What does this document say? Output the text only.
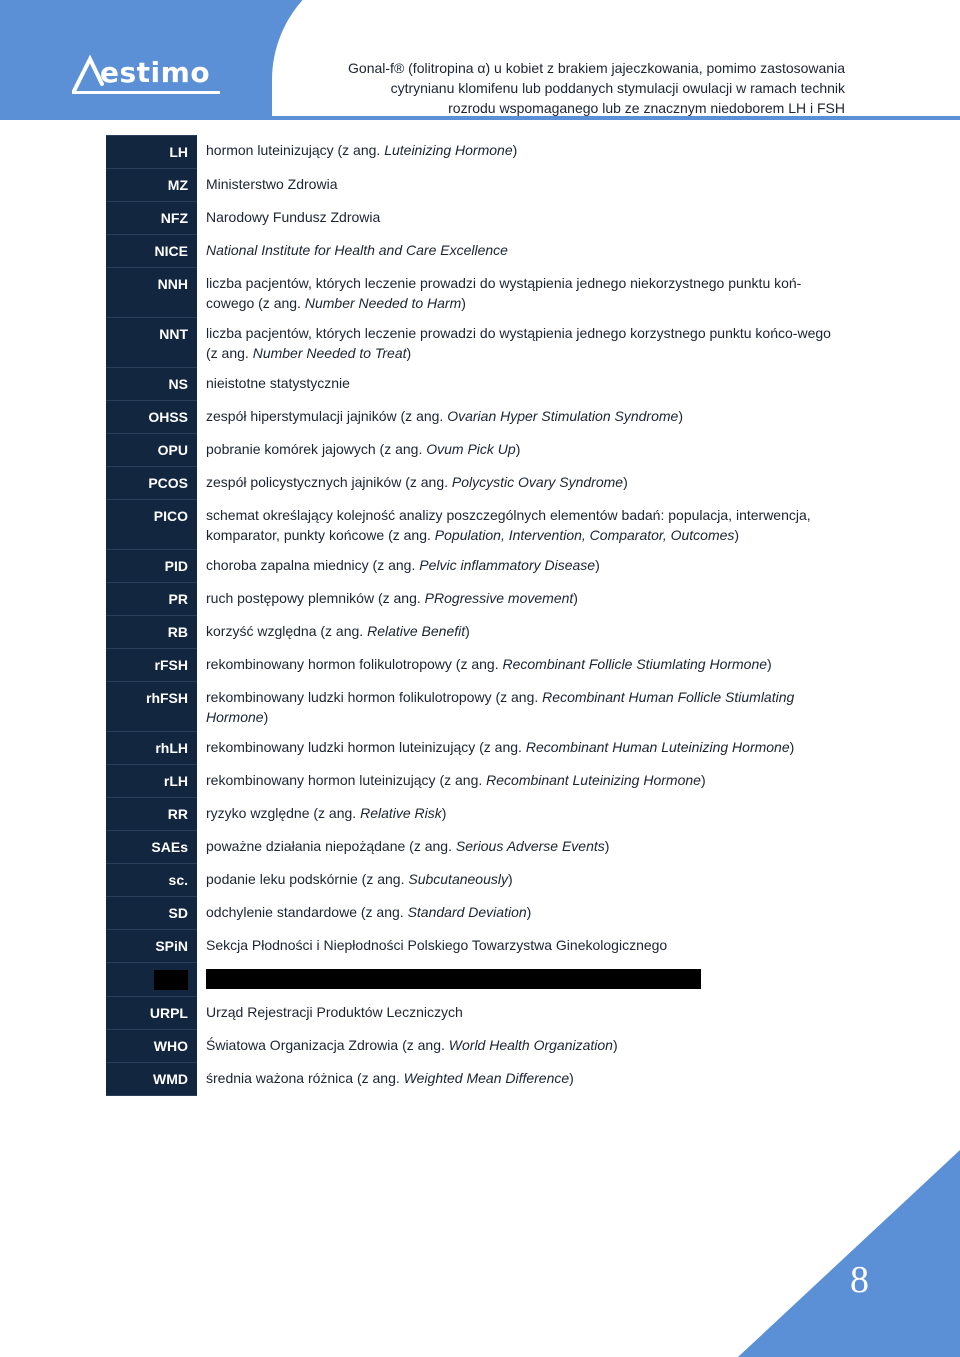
estimo	Gonal-f® (folitropina α) u kobiet z brakiem jajeczkowania, pomimo zastosowania
cytrynianu klomifenu lub poddanych stymulacji owulacji w ramach technik
rozrodu wspomaganego lub ze znacznym niedoborem LH i FSH
LH	hormon luteinizujący (z ang. Luteinizing Hormone)
MZ	Ministerstwo Zdrowia
NFZ	Narodowy Fundusz Zdrowia
NICE	National Institute for Health and Care Excellence
NNH	liczba pacjentów, których leczenie prowadzi do wystąpienia jednego niekorzystnego punktu koń-cowego (z ang. Number Needed to Harm)
NNT	liczba pacjentów, których leczenie prowadzi do wystąpienia jednego korzystnego punktu końco-wego (z ang. Number Needed to Treat)
NS	nieistotne statystycznie
OHSS	zespół hiperstymulacji jajników (z ang. Ovarian Hyper Stimulation Syndrome)
OPU	pobranie komórek jajowych (z ang. Ovum Pick Up)
PCOS	zespół policystycznych jajników (z ang. Polycystic Ovary Syndrome)
PICO	schemat określający kolejność analizy poszczególnych elementów badań: populacja, interwencja, komparator, punkty końcowe (z ang. Population, Intervention, Comparator, Outcomes)
PID	choroba zapalna miednicy (z ang. Pelvic inflammatory Disease)
PR	ruch postępowy plemników (z ang. PRogressive movement)
RB	korzyść względna (z ang. Relative Benefit)
rFSH	rekombinowany hormon folikulotropowy (z ang. Recombinant Follicle Stiumlating Hormone)
rhFSH	rekombinowany ludzki hormon folikulotropowy (z ang. Recombinant Human Follicle Stiumlating Hormone)
rhLH	rekombinowany ludzki hormon luteinizujący (z ang. Recombinant Human Luteinizing Hormone)
rLH	rekombinowany hormon luteinizujący (z ang. Recombinant Luteinizing Hormone)
RR	ryzyko względne (z ang. Relative Risk)
SAEs	poważne działania niepożądane (z ang. Serious Adverse Events)
sc.	podanie leku podskórnie (z ang. Subcutaneously)
SD	odchylenie standardowe (z ang. Standard Deviation)
SPiN	Sekcja Płodności i Niepłodności Polskiego Towarzystwa Ginekologicznego
URPL	Urząd Rejestracji Produktów Leczniczych
WHO	Światowa Organizacja Zdrowia (z ang. World Health Organization)
WMD	średnia ważona różnica (z ang. Weighted Mean Difference)
8
